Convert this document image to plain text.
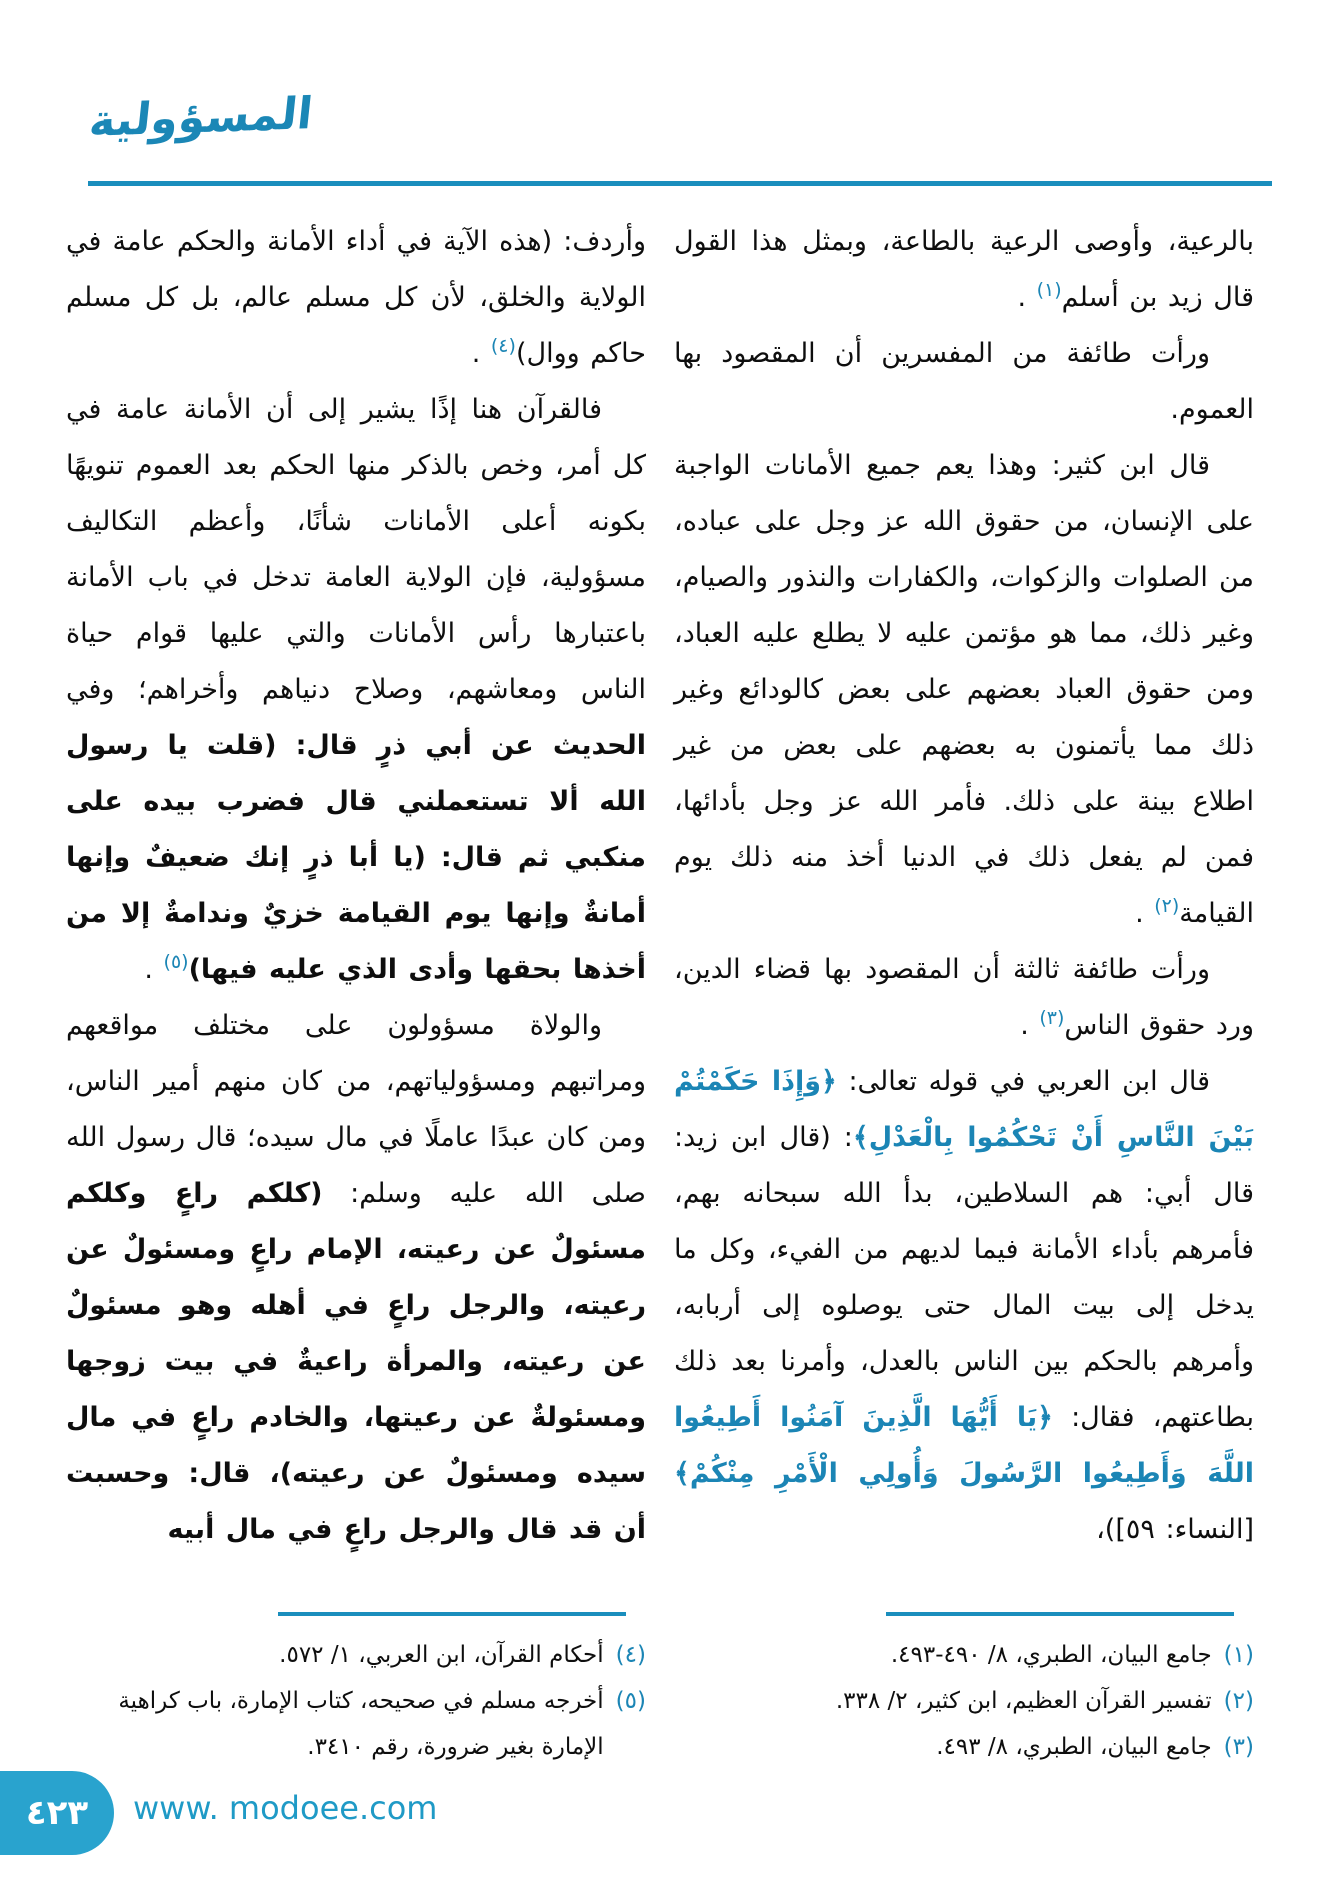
المسؤولية

بالرعية، وأوصى الرعية بالطاعة، وبمثل هذا القول قال زيد بن أسلم$^{(١)}$ .

ورأت طائفة من المفسرين أن المقصود بها العموم.

قال ابن كثير: وهذا يعم جميع الأمانات الواجبة على الإنسان، من حقوق الله عز وجل على عباده، من الصلوات والزكوات، والكفارات والنذور والصيام، وغير ذلك، مما هو مؤتمن عليه لا يطلع عليه العباد، ومن حقوق العباد بعضهم على بعض كالودائع وغير ذلك مما يأتمنون به بعضهم على بعض من غير اطلاع بينة على ذلك. فأمر الله عز وجل بأدائها، فمن لم يفعل ذلك في الدنيا أخذ منه ذلك يوم القيامة$^{(٢)}$ .

ورأت طائفة ثالثة أن المقصود بها قضاء الدين، ورد حقوق الناس$^{(٣)}$ .

قال ابن العربي في قوله تعالى: ﴿وَإِذَا حَكَمْتُمْ بَيْنَ النَّاسِ أَنْ تَحْكُمُوا بِالْعَدْلِ﴾: (قال ابن زيد: قال أبي: هم السلاطين، بدأ الله سبحانه بهم، فأمرهم بأداء الأمانة فيما لديهم من الفيء، وكل ما يدخل إلى بيت المال حتى يوصلوه إلى أربابه، وأمرهم بالحكم بين الناس بالعدل، وأمرنا بعد ذلك بطاعتهم، فقال: ﴿يَا أَيُّهَا الَّذِينَ آمَنُوا أَطِيعُوا اللَّهَ وَأَطِيعُوا الرَّسُولَ وَأُولِي الْأَمْرِ مِنْكُمْ﴾ [النساء: ٥٩])،

(١)
جامع البيان، الطبري، ٨/ ٤٩٠-٤٩٣.
(٢)
تفسير القرآن العظيم، ابن كثير، ٢/ ٣٣٨.
(٣)
جامع البيان، الطبري، ٨/ ٤٩٣.

وأردف: (هذه الآية في أداء الأمانة والحكم عامة في الولاية والخلق، لأن كل مسلم عالم، بل كل مسلم حاكم ووال)$^{(٤)}$ .

فالقرآن هنا إذًا يشير إلى أن الأمانة عامة في كل أمر، وخص بالذكر منها الحكم بعد العموم تنويهًا بكونه أعلى الأمانات شأنًا، وأعظم التكاليف مسؤولية، فإن الولاية العامة تدخل في باب الأمانة باعتبارها رأس الأمانات والتي عليها قوام حياة الناس ومعاشهم، وصلاح دنياهم وأخراهم؛ وفي الحديث عن أبي ذرٍ قال: (قلت يا رسول الله ألا تستعملني قال فضرب بيده على منكبي ثم قال: (يا أبا ذرٍ إنك ضعيفٌ وإنها أمانةٌ وإنها يوم القيامة خزيٌ وندامةٌ إلا من أخذها بحقها وأدى الذي عليه فيها)$^{(٥)}$ .

والولاة مسؤولون على مختلف مواقعهم ومراتبهم ومسؤولياتهم، من كان منهم أمير الناس، ومن كان عبدًا عاملًا في مال سيده؛ قال رسول الله صلى الله عليه وسلم: (كلكم راعٍ وكلكم مسئولٌ عن رعيته، الإمام راعٍ ومسئولٌ عن رعيته، والرجل راعٍ في أهله وهو مسئولٌ عن رعيته، والمرأة راعيةٌ في بيت زوجها ومسئولةٌ عن رعيتها، والخادم راعٍ في مال سيده ومسئولٌ عن رعيته)، قال: وحسبت أن قد قال والرجل راعٍ في مال أبيه

(٤)
أحكام القرآن، ابن العربي، ١/ ٥٧٢.
(٥)
أخرجه مسلم في صحيحه، كتاب الإمارة، باب كراهية الإمارة بغير ضرورة، رقم ٣٤١٠.
٤٢٣ www. modoee.com
